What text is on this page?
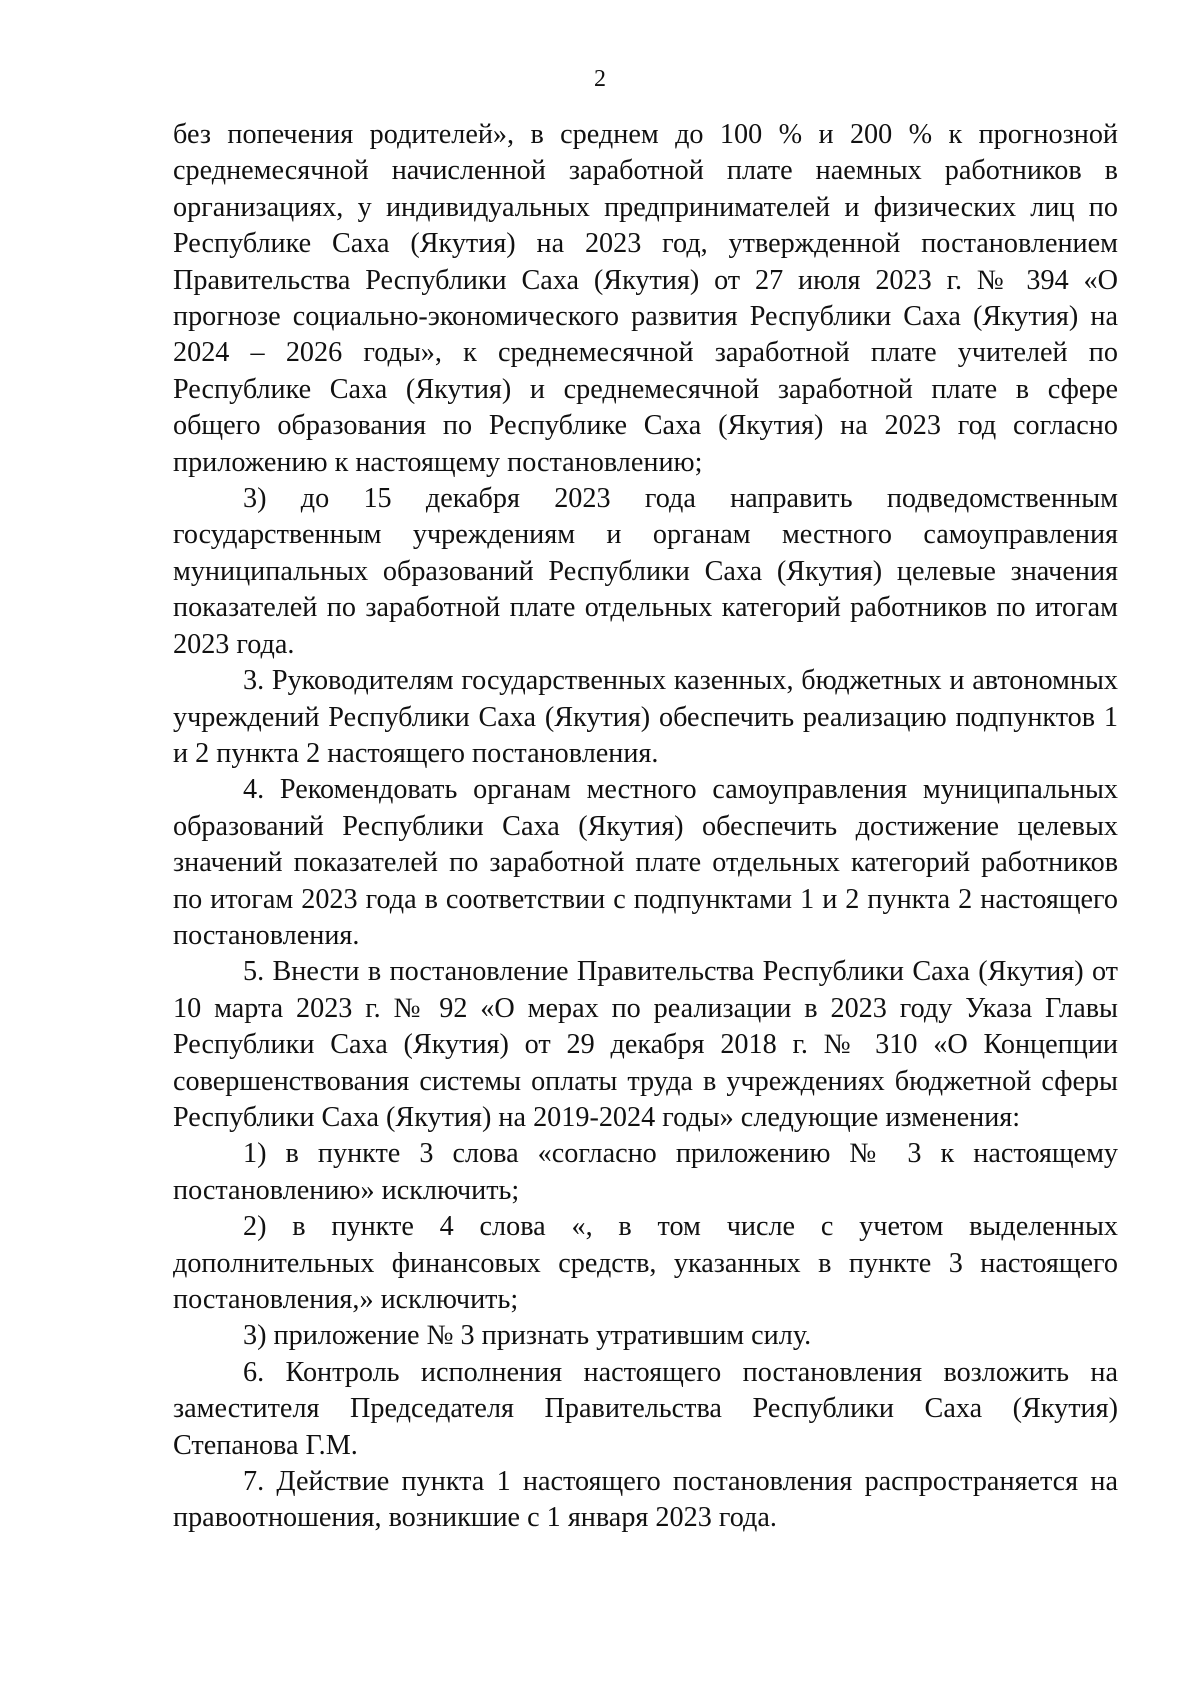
2

без попечения родителей», в среднем до 100 % и 200 % к прогнозной среднемесячной начисленной заработной плате наемных работников в организациях, у индивидуальных предпринимателей и физических лиц по Республике Саха (Якутия) на 2023 год, утвержденной постановлением Правительства Республики Саха (Якутия) от 27 июля 2023 г. № 394 «О прогнозе социально-экономического развития Республики Саха (Якутия) на 2024 – 2026 годы», к среднемесячной заработной плате учителей по Республике Саха (Якутия) и среднемесячной заработной плате в сфере общего образования по Республике Саха (Якутия) на 2023 год согласно приложению к настоящему постановлению;

3) до 15 декабря 2023 года направить подведомственным государственным учреждениям и органам местного самоуправления муниципальных образований Республики Саха (Якутия) целевые значения показателей по заработной плате отдельных категорий работников по итогам 2023 года.

3. Руководителям государственных казенных, бюджетных и автономных учреждений Республики Саха (Якутия) обеспечить реализацию подпунктов 1 и 2 пункта 2 настоящего постановления.

4. Рекомендовать органам местного самоуправления муниципальных образований Республики Саха (Якутия) обеспечить достижение целевых значений показателей по заработной плате отдельных категорий работников по итогам 2023 года в соответствии с подпунктами 1 и 2 пункта 2 настоящего постановления.

5. Внести в постановление Правительства Республики Саха (Якутия) от 10 марта 2023 г. № 92 «О мерах по реализации в 2023 году Указа Главы Республики Саха (Якутия) от 29 декабря 2018 г. № 310 «О Концепции совершенствования системы оплаты труда в учреждениях бюджетной сферы Республики Саха (Якутия) на 2019-2024 годы» следующие изменения:

1) в пункте 3 слова «согласно приложению № 3 к настоящему постановлению» исключить;

2) в пункте 4 слова «, в том числе с учетом выделенных дополнительных финансовых средств, указанных в пункте 3 настоящего постановления,» исключить;

3) приложение № 3 признать утратившим силу.

6. Контроль исполнения настоящего постановления возложить на заместителя Председателя Правительства Республики Саха (Якутия) Степанова Г.М.

7. Действие пункта 1 настоящего постановления распространяется на правоотношения, возникшие с 1 января 2023 года.
